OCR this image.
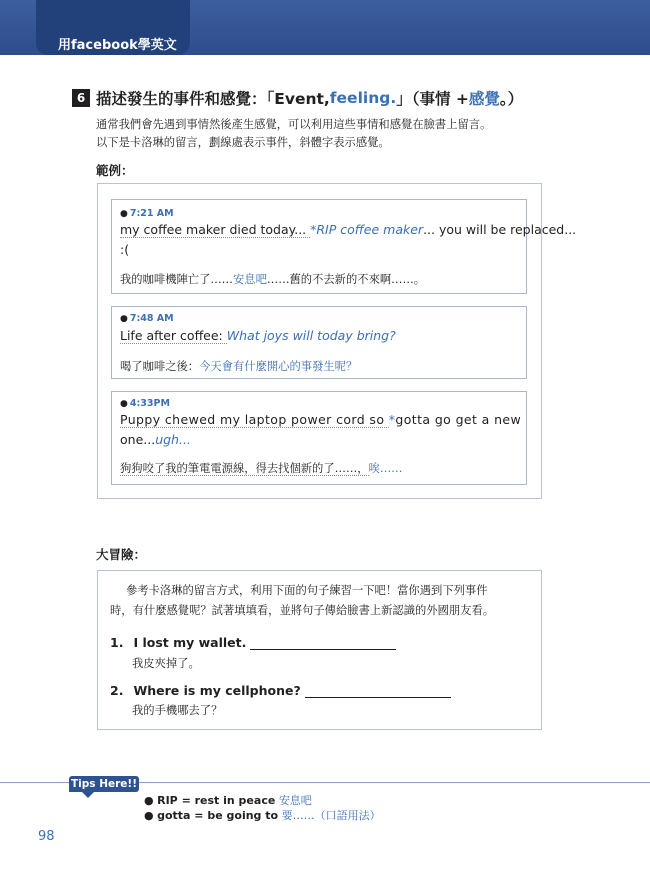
用facebook學英文
6 描述發生的事件和感覺：「Event, feeling. 」（事情 + 感覺 。）
通常我們會先遇到事情然後產生感覺，可以利用這些事情和感覺在臉書上留言。
以下是卡洛琳的留言，劃線處表示事件，斜體字表示感覺。
範例：
● 7:21 AM
my coffee maker died today... *RIP coffee maker... you will be replaced...
:(
我的咖啡機陣亡了……安息吧……舊的不去新的不來啊……。
● 7:48 AM
Life after coffee: What joys will today bring?
喝了咖啡之後：今天會有什麼開心的事發生呢？
● 4:33PM
Puppy chewed my laptop power cord so *gotta go get a new
one...ugh...
狗狗咬了我的筆電電源線，得去找個新的了……，唉……
大冒險：
參考卡洛琳的留言方式，利用下面的句子練習一下吧！當你遇到下列事件
時，有什麼感覺呢？試著填填看，並將句子傳給臉書上新認識的外國朋友看。
1. I lost my wallet.
我皮夾掉了。
2. Where is my cellphone?
我的手機哪去了？
Tips Here!!
● RIP = rest in peace 安息吧
● gotta = be going to 要……（口語用法）
98
